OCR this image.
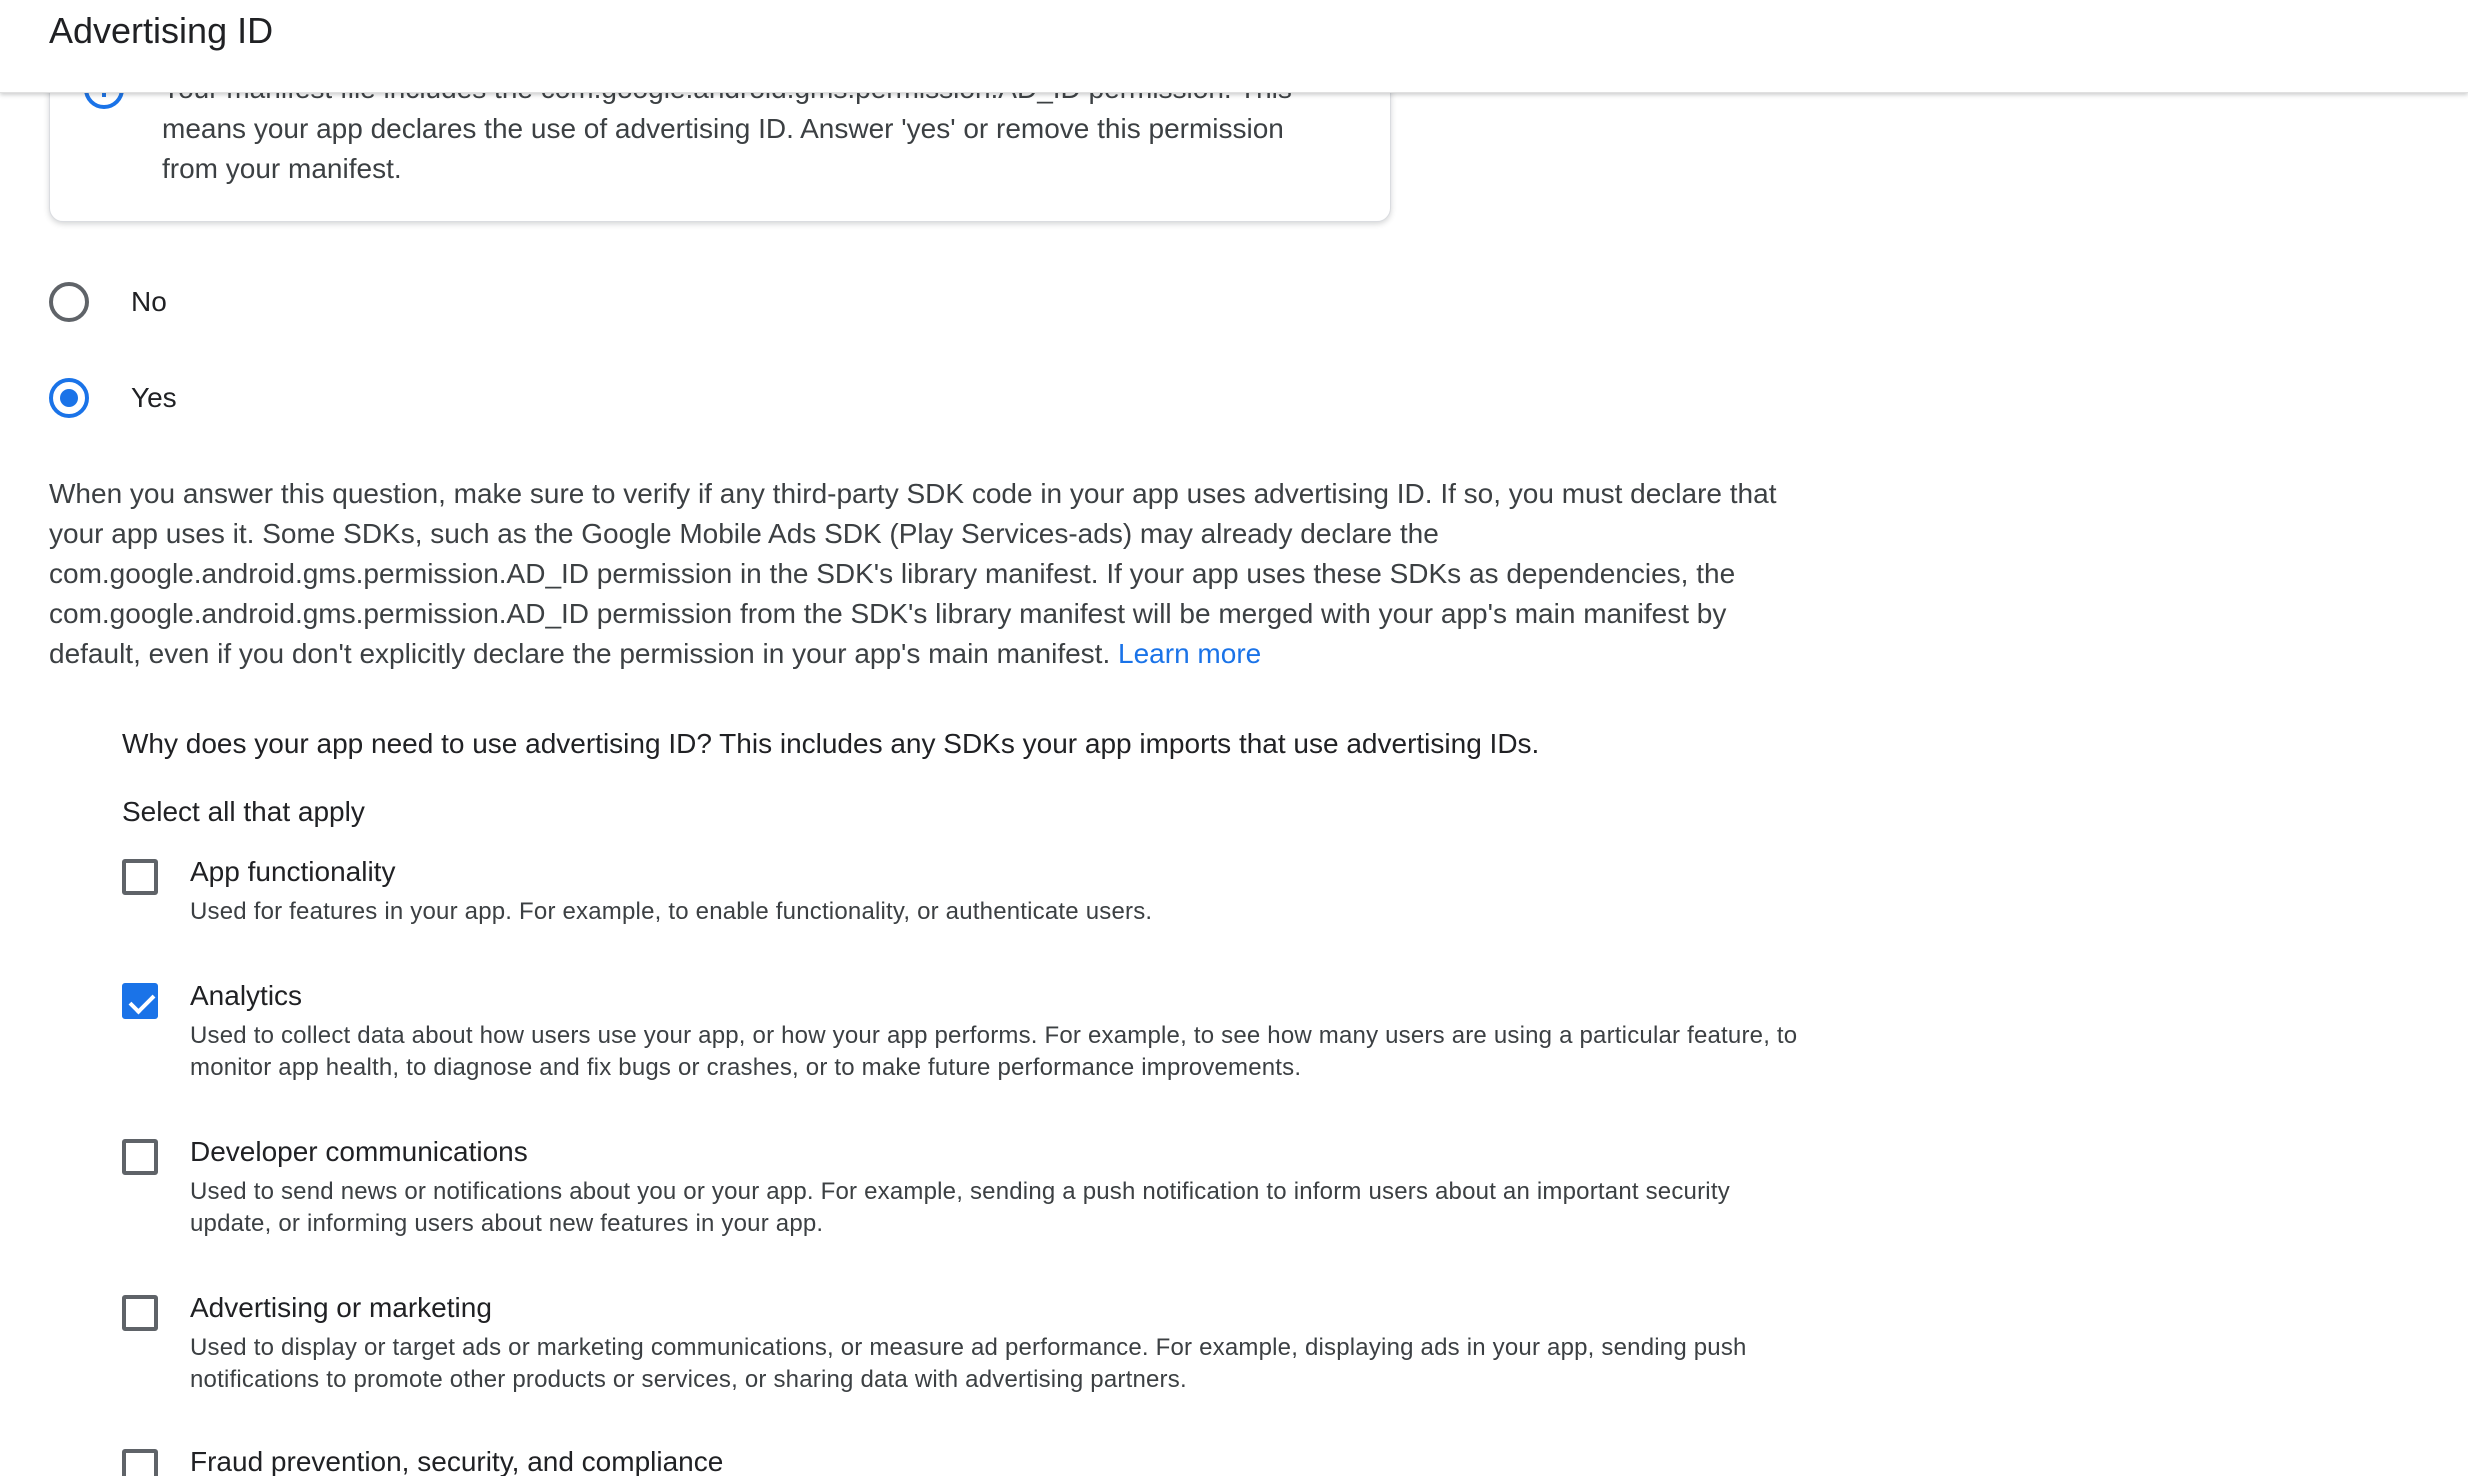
means your app declares the use of advertising ID. Answer 'yes' or remove this permission
from your manifest.
No
Yes
When you answer this question, make sure to verify if any third-party SDK code in your app uses advertising ID. If so, you must declare that
your app uses it. Some SDKs, such as the Google Mobile Ads SDK (Play Services-ads) may already declare the
com.google.android.gms.permission.AD_ID permission in the SDK's library manifest. If your app uses these SDKs as dependencies, the
com.google.android.gms.permission.AD_ID permission from the SDK's library manifest will be merged with your app's main manifest by
default, even if you don't explicitly declare the permission in your app's main manifest. Learn more
Why does your app need to use advertising ID? This includes any SDKs your app imports that use advertising IDs.
Select all that apply
App functionality
Used for features in your app. For example, to enable functionality, or authenticate users.
Analytics
Used to collect data about how users use your app, or how your app performs. For example, to see how many users are using a particular feature, to
monitor app health, to diagnose and fix bugs or crashes, or to make future performance improvements.
Developer communications
Used to send news or notifications about you or your app. For example, sending a push notification to inform users about an important security
update, or informing users about new features in your app.
Advertising or marketing
Used to display or target ads or marketing communications, or measure ad performance. For example, displaying ads in your app, sending push
notifications to promote other products or services, or sharing data with advertising partners.
Fraud prevention, security, and compliance
Advertising ID
